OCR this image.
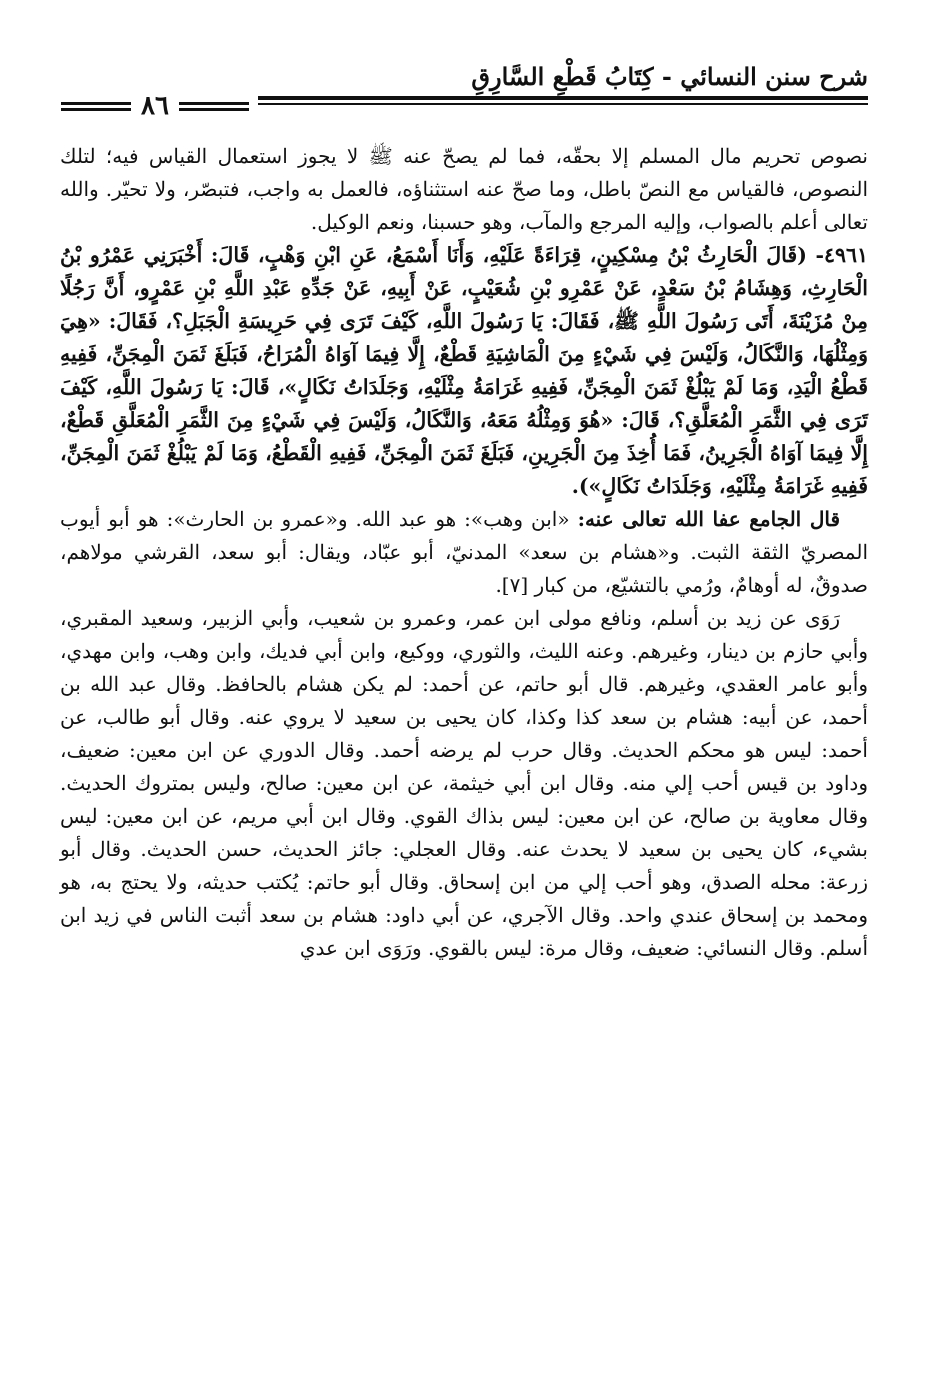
شرح سنن النسائي - كِتَابُ قَطْعِ السَّارِقِ
٨٦

نصوص تحريم مال المسلم إلا بحقّه، فما لم يصحّ عنه ﷺ لا يجوز استعمال القياس فيه؛ لتلك النصوص، فالقياس مع النصّ باطل، وما صحّ عنه استثناؤه، فالعمل به واجب، فتبصّر، ولا تحيّر. والله تعالى أعلم بالصواب، وإليه المرجع والمآب، وهو حسبنا، ونعم الوكيل.

٤٩٦١- (قَالَ الْحَارِثُ بْنُ مِسْكِينٍ، قِرَاءَةً عَلَيْهِ، وَأَنَا أَسْمَعُ، عَنِ ابْنِ وَهْبٍ، قَالَ: أَخْبَرَنِي عَمْرُو بْنُ الْحَارِثِ، وَهِشَامُ بْنُ سَعْدٍ، عَنْ عَمْرِو بْنِ شُعَيْبٍ، عَنْ أَبِيهِ، عَنْ جَدِّهِ عَبْدِ اللَّهِ بْنِ عَمْرٍو، أَنَّ رَجُلًا مِنْ مُزَيْنَةَ، أَتَى رَسُولَ اللَّهِ ﷺ، فَقَالَ: يَا رَسُولَ اللَّهِ، كَيْفَ تَرَى فِي حَرِيسَةِ الْجَبَلِ؟، فَقَالَ: «هِيَ وَمِثْلُهَا، وَالنَّكَالُ، وَلَيْسَ فِي شَيْءٍ مِنَ الْمَاشِيَةِ قَطْعٌ، إِلَّا فِيمَا آوَاهُ الْمُرَاحُ، فَبَلَغَ ثَمَنَ الْمِجَنِّ، فَفِيهِ قَطْعُ الْيَدِ، وَمَا لَمْ يَبْلُغْ ثَمَنَ الْمِجَنِّ، فَفِيهِ غَرَامَةُ مِثْلَيْهِ، وَجَلَدَاتُ نَكَالٍ»، قَالَ: يَا رَسُولَ اللَّهِ، كَيْفَ تَرَى فِي الثَّمَرِ الْمُعَلَّقِ؟، قَالَ: «هُوَ وَمِثْلُهُ مَعَهُ، وَالنَّكَالُ، وَلَيْسَ فِي شَيْءٍ مِنَ الثَّمَرِ الْمُعَلَّقِ قَطْعٌ، إِلَّا فِيمَا آوَاهُ الْجَرِينُ، فَمَا أُخِذَ مِنَ الْجَرِينِ، فَبَلَغَ ثَمَنَ الْمِجَنِّ، فَفِيهِ الْقَطْعُ، وَمَا لَمْ يَبْلُغْ ثَمَنَ الْمِجَنِّ، فَفِيهِ غَرَامَةُ مِثْلَيْهِ، وَجَلَدَاتُ نَكَالٍ»).

قال الجامع عفا الله تعالى عنه: «ابن وهب»: هو عبد الله. و«عمرو بن الحارث»: هو أبو أيوب المصريّ الثقة الثبت. و«هشام بن سعد» المدنيّ، أبو عبّاد، ويقال: أبو سعد، القرشي مولاهم، صدوقٌ، له أوهامٌ، ورُمي بالتشيّع، من كبار [٧].

رَوَى عن زيد بن أسلم، ونافع مولى ابن عمر، وعمرو بن شعيب، وأبي الزبير، وسعيد المقبري، وأبي حازم بن دينار، وغيرهم. وعنه الليث، والثوري، ووكيع، وابن أبي فديك، وابن وهب، وابن مهدي، وأبو عامر العقدي، وغيرهم. قال أبو حاتم، عن أحمد: لم يكن هشام بالحافظ. وقال عبد الله بن أحمد، عن أبيه: هشام بن سعد كذا وكذا، كان يحيى بن سعيد لا يروي عنه. وقال أبو طالب، عن أحمد: ليس هو محكم الحديث. وقال حرب لم يرضه أحمد. وقال الدوري عن ابن معين: ضعيف، وداود بن قيس أحب إلي منه. وقال ابن أبي خيثمة، عن ابن معين: صالح، وليس بمتروك الحديث. وقال معاوية بن صالح، عن ابن معين: ليس بذاك القوي. وقال ابن أبي مريم، عن ابن معين: ليس بشيء، كان يحيى بن سعيد لا يحدث عنه. وقال العجلي: جائز الحديث، حسن الحديث. وقال أبو زرعة: محله الصدق، وهو أحب إلي من ابن إسحاق. وقال أبو حاتم: يُكتب حديثه، ولا يحتج به، هو ومحمد بن إسحاق عندي واحد. وقال الآجري، عن أبي داود: هشام بن سعد أثبت الناس في زيد ابن أسلم. وقال النسائي: ضعيف، وقال مرة: ليس بالقوي. ورَوَى ابن عدي
